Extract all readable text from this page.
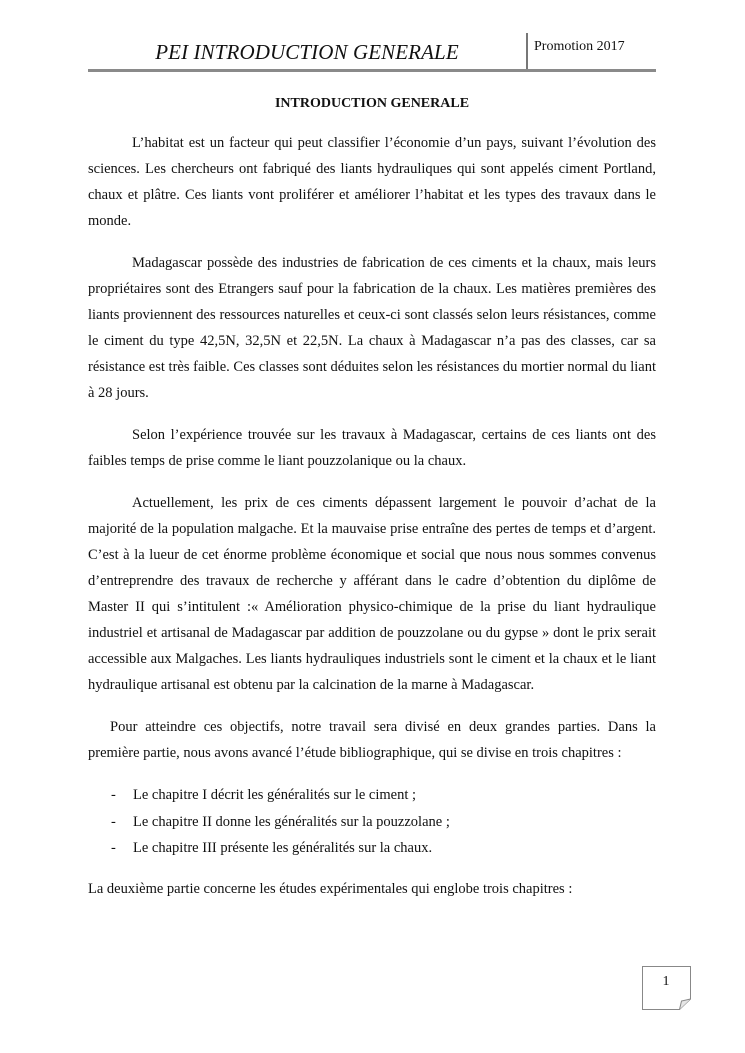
PEI INTRODUCTION GENERALE	Promotion 2017
INTRODUCTION GENERALE

L’habitat est un facteur qui peut classifier l’économie d’un pays, suivant l’évolution des sciences. Les chercheurs ont fabriqué des liants hydrauliques qui sont appelés ciment Portland, chaux et plâtre. Ces liants vont proliférer et améliorer l’habitat et les types des travaux dans le monde.

Madagascar possède des industries de fabrication de ces ciments et la chaux, mais leurs propriétaires sont des Etrangers sauf pour la fabrication de la chaux. Les matières premières des liants proviennent des ressources naturelles et ceux-ci sont classés selon leurs résistances, comme le ciment du type 42,5N, 32,5N et 22,5N. La chaux à Madagascar n’a pas des classes, car sa résistance est très faible. Ces classes sont déduites selon les résistances du mortier normal du liant à 28 jours.

Selon l’expérience trouvée sur les travaux à Madagascar, certains de ces liants ont des faibles temps de prise comme le liant pouzzolanique ou la chaux.

Actuellement, les prix de ces ciments dépassent largement le pouvoir d’achat de la majorité de la population malgache. Et la mauvaise prise entraîne des pertes de temps et d’argent. C’est à la lueur de cet énorme problème économique et social que nous nous sommes convenus d’entreprendre des travaux de recherche y afférant dans le cadre d’obtention du diplôme de Master II qui s’intitulent :« Amélioration physico-chimique de la prise du liant hydraulique industriel et artisanal de Madagascar par addition de pouzzolane ou du gypse » dont le prix serait accessible aux Malgaches. Les liants hydrauliques industriels sont le ciment et la chaux et le liant hydraulique artisanal est obtenu par la calcination de la marne à Madagascar.

Pour atteindre ces objectifs, notre travail sera divisé en deux grandes parties. Dans la première partie, nous avons avancé l’étude bibliographique, qui se divise en trois chapitres :

- Le chapitre I décrit les généralités sur le ciment ;
- Le chapitre II donne les généralités sur la pouzzolane ;
- Le chapitre III présente les généralités sur la chaux.

La deuxième partie concerne les études expérimentales qui englobe trois chapitres :

1
